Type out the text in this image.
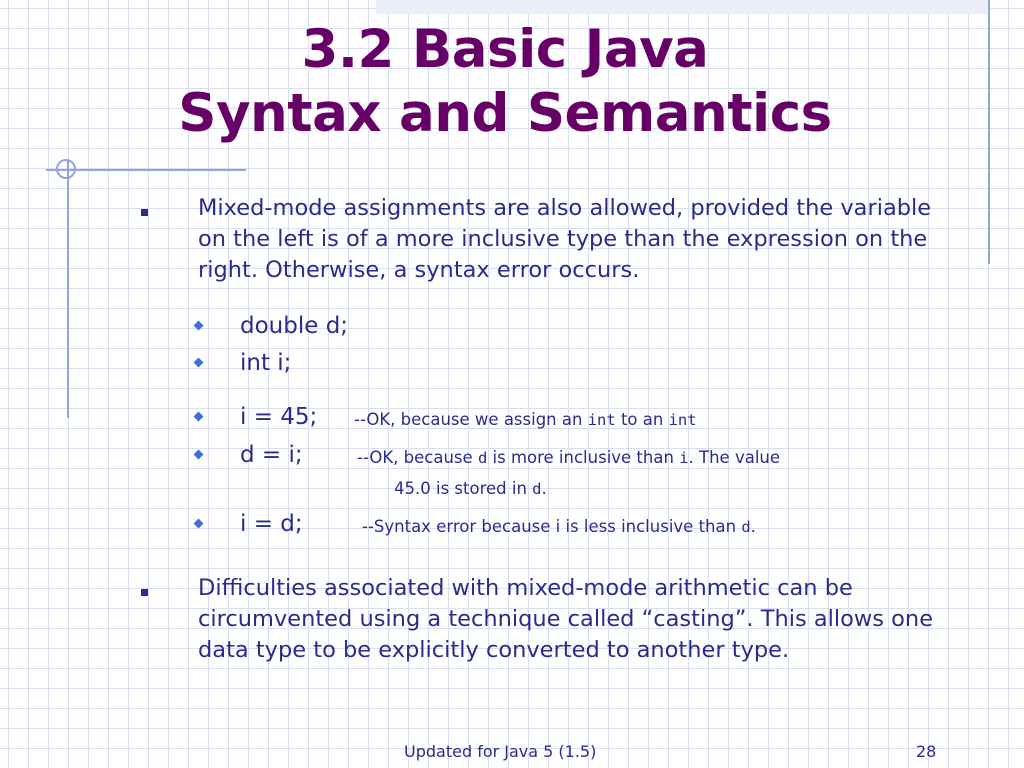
3.2 Basic Java
Syntax and Semantics
Mixed-mode assignments are also allowed, provided the variable on the left is of a more inclusive type than the expression on the right. Otherwise, a syntax error occurs.
double d;
int i;
i = 45; --OK, because we assign an int to an int
d = i;	--OK, because d is more inclusive than i. The value
45.0 is stored in d.
i = d;	--Syntax error because i is less inclusive than d.
Difficulties associated with mixed-mode arithmetic can be circumvented using a technique called “casting”. This allows one data type to be explicitly converted to another type.
Updated for Java 5 (1.5)	28
